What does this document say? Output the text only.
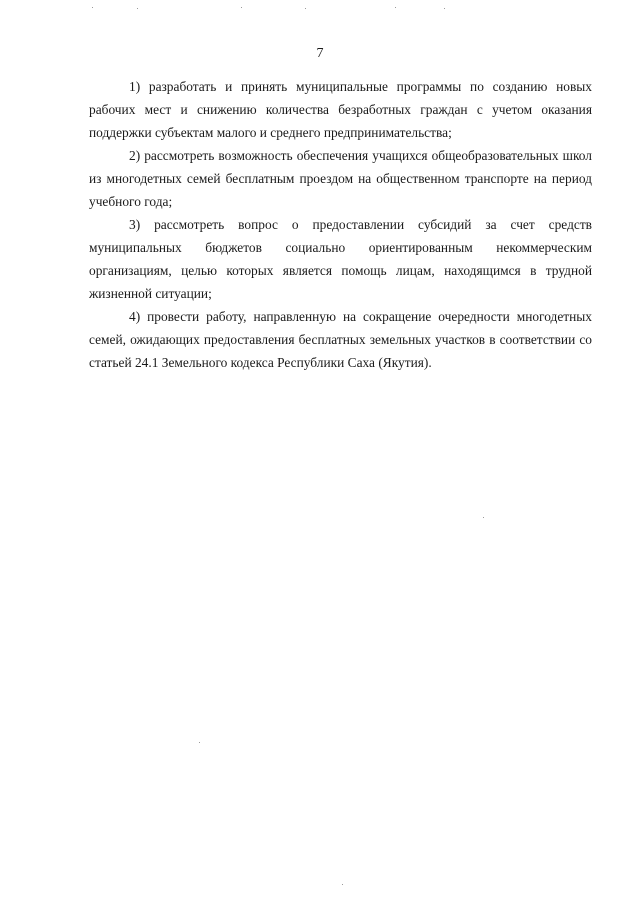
7

1) разработать и принять муниципальные программы по созданию новых рабочих мест и снижению количества безработных граждан с учетом оказания поддержки субъектам малого и среднего предпринимательства;

2) рассмотреть возможность обеспечения учащихся общеобразовательных школ из многодетных семей бесплатным проездом на общественном транспорте на период учебного года;

3) рассмотреть вопрос о предоставлении субсидий за счет средств муниципальных бюджетов социально ориентированным некоммерческим организациям, целью которых является помощь лицам, находящимся в трудной жизненной ситуации;

4) провести работу, направленную на сокращение очередности многодетных семей, ожидающих предоставления бесплатных земельных участков в соответствии со статьей 24.1 Земельного кодекса Республики Саха (Якутия).
